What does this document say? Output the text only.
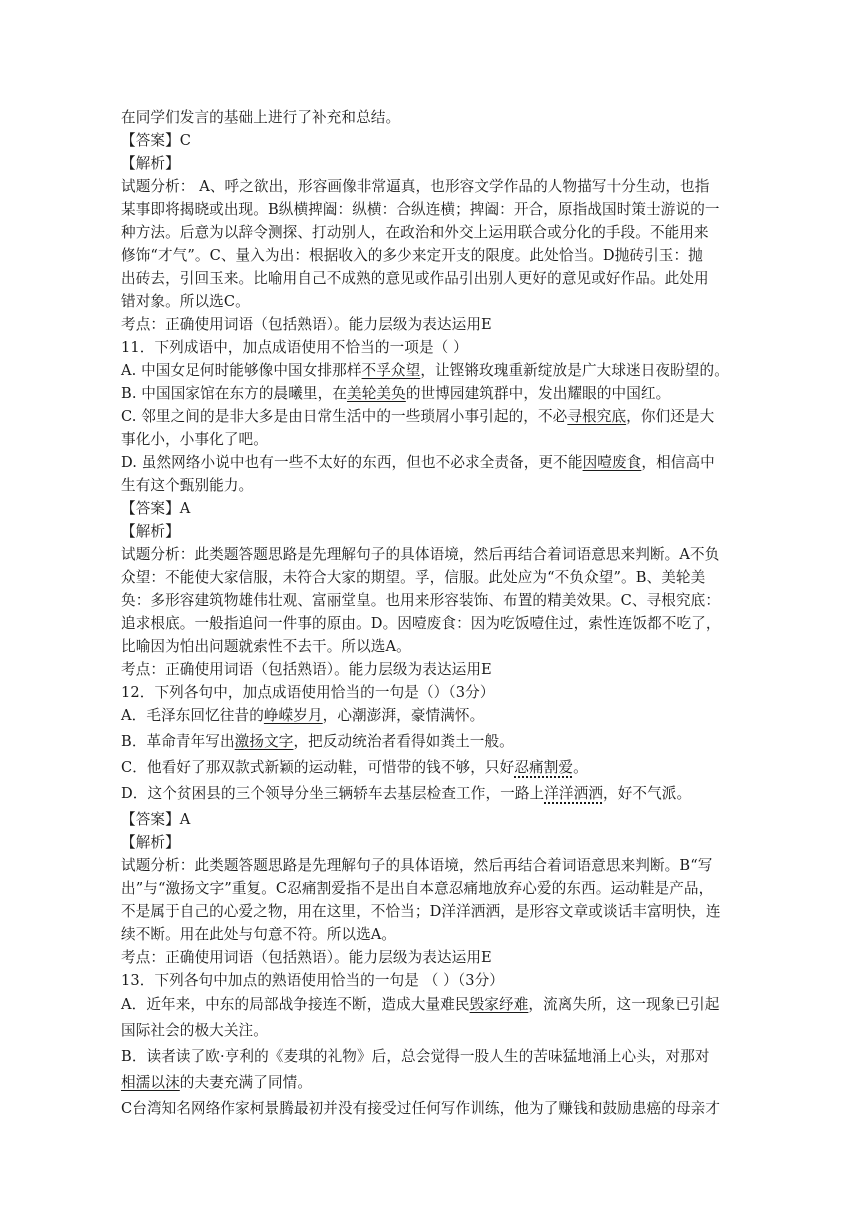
在同学们发言的基础上进行了补充和总结。
【答案】C
【解析】
试题分析： A、呼之欲出，形容画像非常逼真，也形容文学作品的人物描写十分生动，也指
某事即将揭晓或出现。B纵横捭阖：纵横：合纵连横；捭阖：开合，原指战国时策士游说的一
种方法。后意为以辞令测探、打动别人，在政治和外交上运用联合或分化的手段。不能用来
修饰“才气”。C、量入为出：根据收入的多少来定开支的限度。此处恰当。D抛砖引玉：抛
出砖去，引回玉来。比喻用自己不成熟的意见或作品引出别人更好的意见或好作品。此处用
错对象。所以选C。
考点：正确使用词语（包括熟语）。能力层级为表达运用E
11．下列成语中，加点成语使用不恰当的一项是（ ）
A. 中国女足何时能够像中国女排那样不孚众望，让铿锵玫瑰重新绽放是广大球迷日夜盼望的。
B. 中国国家馆在东方的晨曦里，在美轮美奂的世博园建筑群中，发出耀眼的中国红。
C. 邻里之间的是非大多是由日常生活中的一些琐屑小事引起的，不必寻根究底，你们还是大
事化小，小事化了吧。
D. 虽然网络小说中也有一些不太好的东西，但也不必求全责备，更不能因噎废食，相信高中
生有这个甄别能力。
【答案】A
【解析】
试题分析：此类题答题思路是先理解句子的具体语境，然后再结合着词语意思来判断。A不负
众望：不能使大家信服，未符合大家的期望。孚，信服。此处应为“不负众望”。B、美轮美
奂：多形容建筑物雄伟壮观、富丽堂皇。也用来形容装饰、布置的精美效果。C、寻根究底：
追求根底。一般指追问一件事的原由。D。因噎废食：因为吃饭噎住过，索性连饭都不吃了，
比喻因为怕出问题就索性不去干。所以选A。
考点：正确使用词语（包括熟语）。能力层级为表达运用E
12．下列各句中，加点成语使用恰当的一句是（）（3分）
A．毛泽东回忆往昔的峥嵘岁月，心潮澎湃，豪情满怀。
B．革命青年写出激扬文字，把反动统治者看得如粪土一般。
C．他看好了那双款式新颖的运动鞋，可惜带的钱不够，只好忍痛割爱。
D．这个贫困县的三个领导分坐三辆轿车去基层检查工作，一路上洋洋洒洒，好不气派。
【答案】A
【解析】
试题分析：此类题答题思路是先理解句子的具体语境，然后再结合着词语意思来判断。B“写
出”与“激扬文字”重复。C忍痛割爱指不是出自本意忍痛地放弃心爱的东西。运动鞋是产品，
不是属于自己的心爱之物，用在这里，不恰当；D洋洋洒洒，是形容文章或谈话丰富明快，连
续不断。用在此处与句意不符。所以选A。
考点：正确使用词语（包括熟语）。能力层级为表达运用E
13．下列各句中加点的熟语使用恰当的一句是 （ ）（3分）
A．近年来，中东的局部战争接连不断，造成大量难民毁家纾难，流离失所，这一现象已引起
国际社会的极大关注。
B．读者读了欧·亨利的《麦琪的礼物》后，总会觉得一股人生的苦味猛地涌上心头，对那对
相濡以沫的夫妻充满了同情。
C台湾知名网络作家柯景腾最初并没有接受过任何写作训练，他为了赚钱和鼓励患癌的母亲才
